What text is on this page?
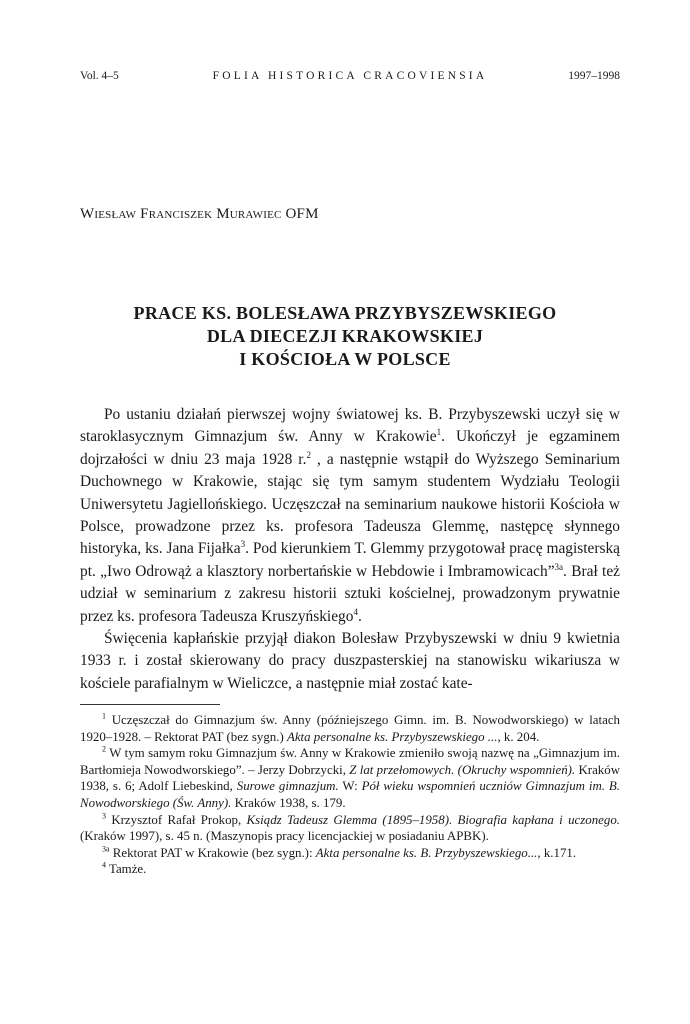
Vol. 4–5	FOLIA HISTORICA CRACOVIENSIA	1997–1998
Wiesław Franciszek Murawiec OFM
PRACE KS. BOLESŁAWA PRZYBYSZEWSKIEGO
DLA DIECEZJI KRAKOWSKIEJ
I KOŚCIOŁA W POLSCE

Po ustaniu działań pierwszej wojny światowej ks. B. Przybyszewski uczył się w staroklasycznym Gimnazjum św. Anny w Krakowie$^1$. Ukończył je egzaminem dojrzałości w dniu 23 maja 1928 r.$^2$ , a następnie wstąpił do Wyższego Seminarium Duchownego w Krakowie, stając się tym samym studentem Wydziału Teologii Uniwersytetu Jagiellońskiego. Uczęszczał na seminarium naukowe historii Kościoła w Polsce, prowadzone przez ks. profesora Tadeusza Glemmę, następcę słynnego historyka, ks. Jana Fijałka$^3$. Pod kierunkiem T. Glemmy przygotował pracę magisterską pt. „Iwo Odrowąż a klasztory norbertańskie w Hebdowie i Imbramowicach”$^{3a}$. Brał też udział w seminarium z zakresu historii sztuki kościelnej, prowadzonym prywatnie przez ks. profesora Tadeusza Kruszyńskiego$^4$.

Święcenia kapłańskie przyjął diakon Bolesław Przybyszewski w dniu 9 kwietnia 1933 r. i został skierowany do pracy duszpasterskiej na stanowisku wikariusza w kościele parafialnym w Wieliczce, a następnie miał zostać kate-

$^1$ Uczęszczał do Gimnazjum św. Anny (późniejszego Gimn. im. B. Nowodworskiego) w latach 1920–1928. – Rektorat PAT (bez sygn.) Akta personalne ks. Przybyszewskiego ..., k. 204.

$^2$ W tym samym roku Gimnazjum św. Anny w Krakowie zmieniło swoją nazwę na „Gimnazjum im. Bartłomieja Nowodworskiego”. – Jerzy Dobrzycki, Z lat przełomowych. (Okruchy wspomnień). Kraków 1938, s. 6; Adolf Liebeskind, Surowe gimnazjum. W: Pół wieku wspomnień uczniów Gimnazjum im. B. Nowodworskiego (Św. Anny). Kraków 1938, s. 179.

$^3$ Krzysztof Rafał Prokop, Ksiądz Tadeusz Glemma (1895–1958). Biografia kapłana i uczonego. (Kraków 1997), s. 45 n. (Maszynopis pracy licencjackiej w posiadaniu APBK).

$^{3a}$ Rektorat PAT w Krakowie (bez sygn.): Akta personalne ks. B. Przybyszewskiego..., k.171.

$^4$ Tamże.
